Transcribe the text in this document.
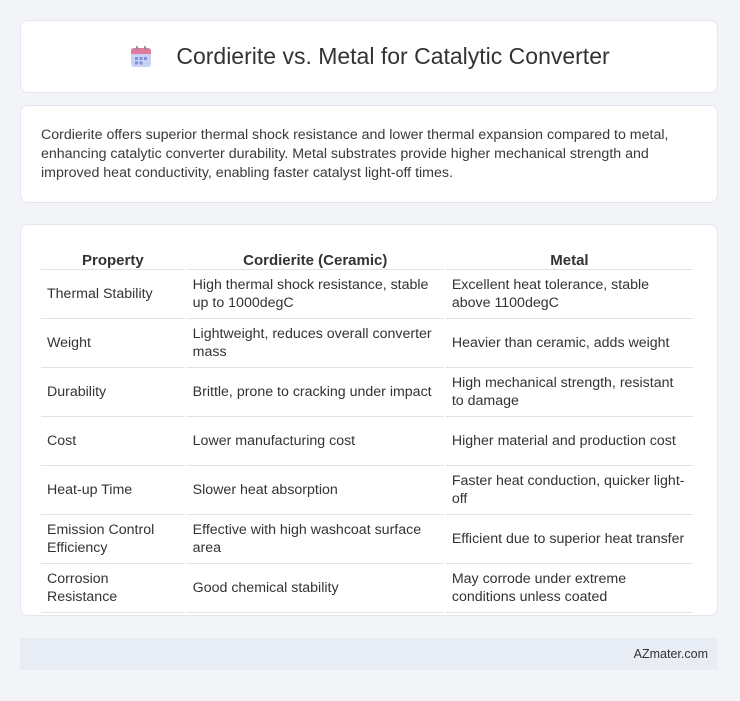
Cordierite vs. Metal for Catalytic Converter

Cordierite offers superior thermal shock resistance and lower thermal expansion compared to metal, enhancing catalytic converter durability. Metal substrates provide higher mechanical strength and improved heat conductivity, enabling faster catalyst light-off times.

Property	Cordierite (Ceramic)	Metal
Thermal Stability	High thermal shock resistance, stable up to 1000degC	Excellent heat tolerance, stable above 1100degC
Weight	Lightweight, reduces overall converter mass	Heavier than ceramic, adds weight
Durability	Brittle, prone to cracking under impact	High mechanical strength, resistant to damage
Cost	Lower manufacturing cost	Higher material and production cost
Heat-up Time	Slower heat absorption	Faster heat conduction, quicker light-off
Emission Control Efficiency	Effective with high washcoat surface area	Efficient due to superior heat transfer
Corrosion Resistance	Good chemical stability	May corrode under extreme conditions unless coated
AZmater.com
